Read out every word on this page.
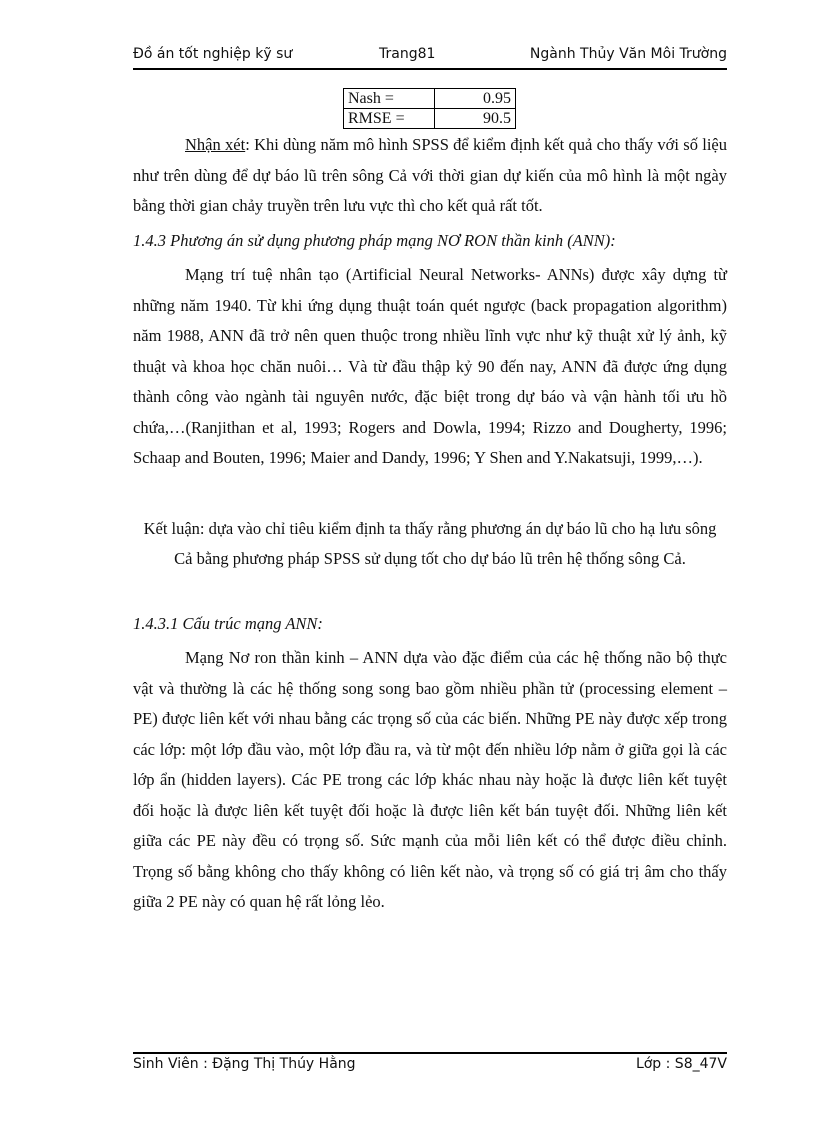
Đồ án tốt nghiệp kỹ sư	Trang81	Ngành Thủy Văn Môi Trường
Nash =	0.95
RMSE =	90.5
Nhận xét: Khi dùng năm mô hình SPSS để kiểm định kết quả cho thấy với số liệu như trên dùng để dự báo lũ trên sông Cả với thời gian dự kiến của mô hình là một ngày bằng thời gian chảy truyền trên lưu vực thì cho kết quả rất tốt.
1.4.3 Phương án sử dụng phương pháp mạng NƠ RON thần kinh (ANN):
Mạng trí tuệ nhân tạo (Artificial Neural Networks- ANNs) được xây dựng từ những năm 1940. Từ khi ứng dụng thuật toán quét ngược (back propagation algorithm) năm 1988, ANN đã trở nên quen thuộc trong nhiều lĩnh vực như kỹ thuật xử lý ảnh, kỹ thuật và khoa học chăn nuôi… Và từ đầu thập kỷ 90 đến nay, ANN đã được ứng dụng thành công vào ngành tài nguyên nước, đặc biệt trong dự báo và vận hành tối ưu hồ chứa,…(Ranjithan et al, 1993; Rogers and Dowla, 1994; Rizzo and Dougherty, 1996; Schaap and Bouten, 1996; Maier and Dandy, 1996; Y Shen and Y.Nakatsuji, 1999,…).
Kết luận: dựa vào chỉ tiêu kiểm định ta thấy rằng phương án dự báo lũ cho hạ lưu sông Cả bằng phương pháp SPSS sử dụng tốt cho dự báo lũ trên hệ thống sông Cả.
1.4.3.1 Cấu trúc mạng ANN:
Mạng Nơ ron thần kinh – ANN dựa vào đặc điểm của các hệ thống não bộ thực vật và thường là các hệ thống song song bao gồm nhiều phần tử (processing element – PE) được liên kết với nhau bằng các trọng số của các biến. Những PE này được xếp trong các lớp: một lớp đầu vào, một lớp đầu ra, và từ một đến nhiều lớp nằm ở giữa gọi là các lớp ẩn (hidden layers). Các PE trong các lớp khác nhau này hoặc là được liên kết tuyệt đối hoặc là được liên kết tuyệt đối hoặc là được liên kết bán tuyệt đối. Những liên kết giữa các PE này đều có trọng số. Sức mạnh của mỗi liên kết có thể được điều chỉnh. Trọng số bằng không cho thấy không có liên kết nào, và trọng số có giá trị âm cho thấy giữa 2 PE này có quan hệ rất lỏng lẻo.
Sinh Viên : Đặng Thị Thúy Hằng	Lớp : S8_47V
